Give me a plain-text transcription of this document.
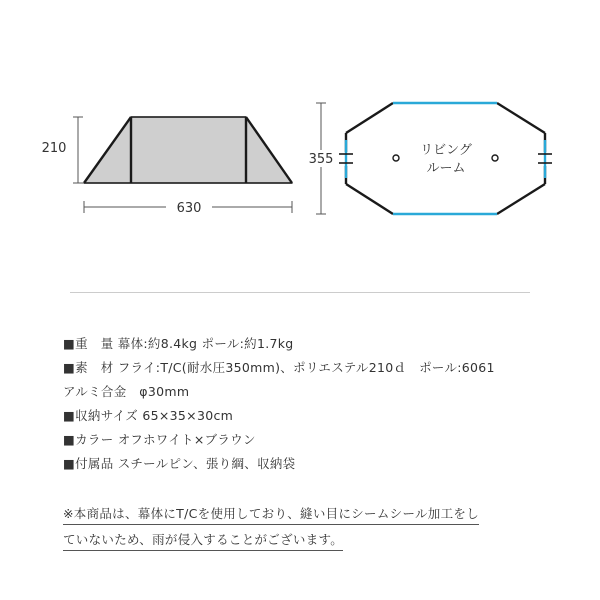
210
630
リビング
ルーム
355
■重　量 幕体:約8.4kg ポール:約1.7kg
■素　材 フライ:T/C(耐水圧350mm)、ポリエステル210ｄ　ポール:6061
アルミ合金　φ30mm
■収納サイズ 65×35×30cm
■カラー オフホワイト×ブラウン
■付属品 スチールピン、張り綱、収納袋
※本商品は、幕体にT/Cを使用しており、縫い目にシームシール加工をし
ていないため、雨が侵入することがございます。
